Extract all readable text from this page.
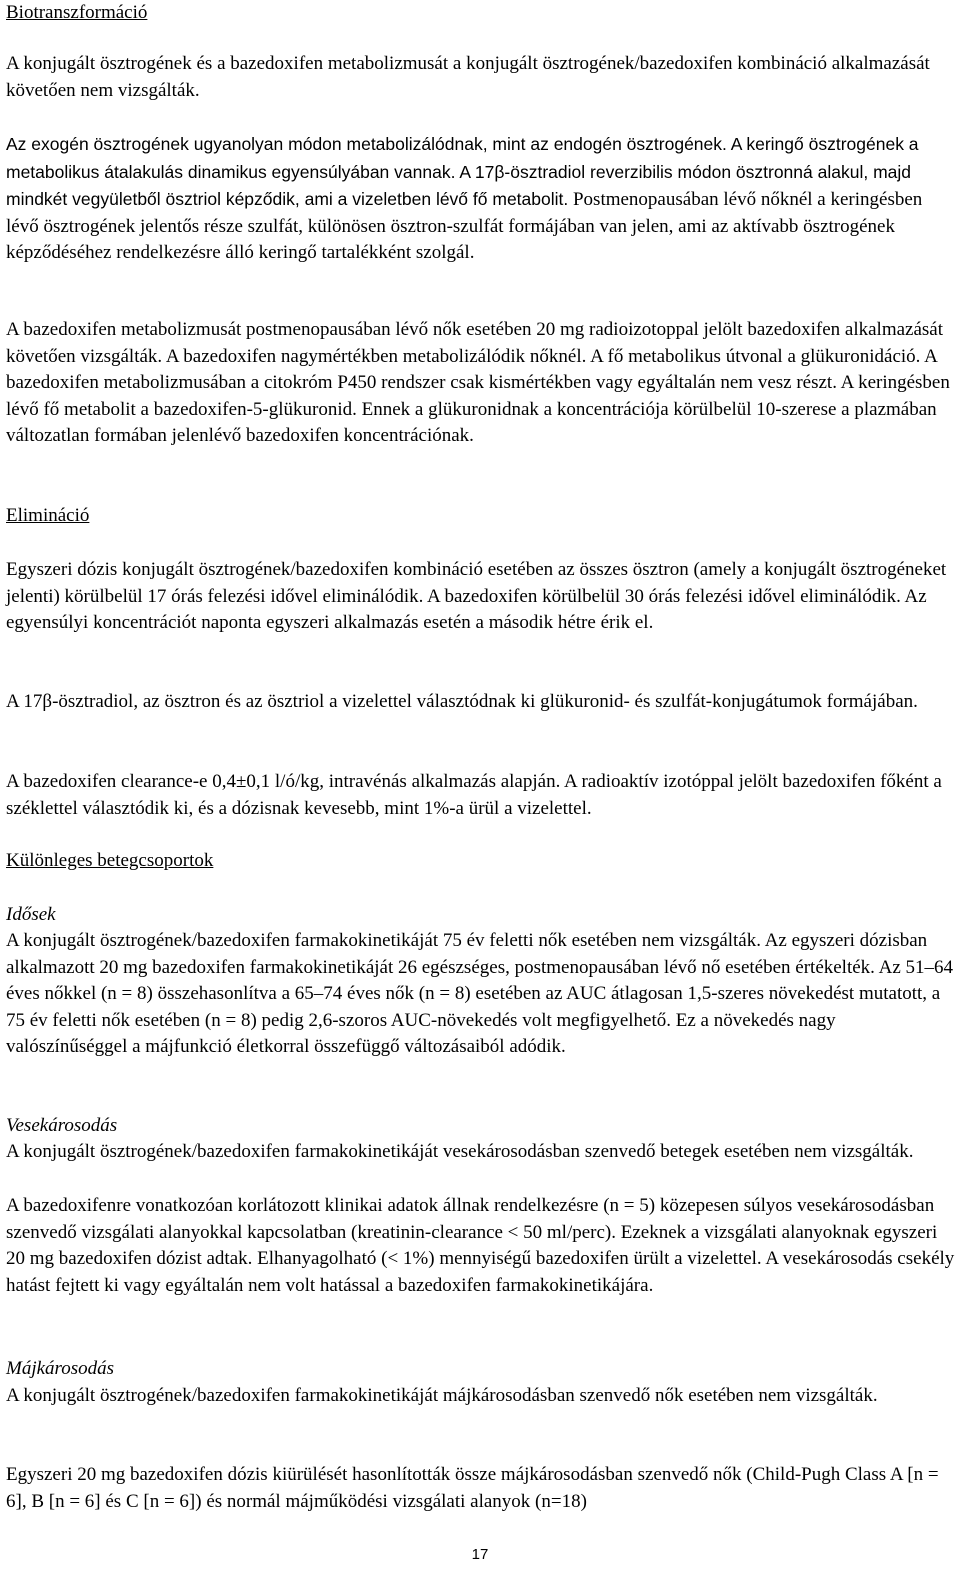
Biotranszformáció

A konjugált ösztrogének és a bazedoxifen metabolizmusát a konjugált ösztrogének/bazedoxifen kombináció alkalmazását követően nem vizsgálták.

Az exogén ösztrogének ugyanolyan módon metabolizálódnak, mint az endogén ösztrogének. A keringő ösztrogének a metabolikus átalakulás dinamikus egyensúlyában vannak. A 17β-ösztradiol reverzibilis módon ösztronná alakul, majd mindkét vegyületből ösztriol képződik, ami a vizeletben lévő fő metabolit. Postmenopausában lévő nőknél a keringésben lévő ösztrogének jelentős része szulfát, különösen ösztron-szulfát formájában van jelen, ami az aktívabb ösztrogének képződéséhez rendelkezésre álló keringő tartalékként szolgál.

A bazedoxifen metabolizmusát postmenopausában lévő nők esetében 20 mg radioizotoppal jelölt bazedoxifen alkalmazását követően vizsgálták. A bazedoxifen nagymértékben metabolizálódik nőknél. A fő metabolikus útvonal a glükuronidáció. A bazedoxifen metabolizmusában a citokróm P450 rendszer csak kismértékben vagy egyáltalán nem vesz részt. A keringésben lévő fő metabolit a bazedoxifen-5-glükuronid. Ennek a glükuronidnak a koncentrációja körülbelül 10-szerese a plazmában változatlan formában jelenlévő bazedoxifen koncentrációnak.

Elimináció

Egyszeri dózis konjugált ösztrogének/bazedoxifen kombináció esetében az összes ösztron (amely a konjugált ösztrogéneket jelenti) körülbelül 17 órás felezési idővel eliminálódik. A bazedoxifen körülbelül 30 órás felezési idővel eliminálódik. Az egyensúlyi koncentrációt naponta egyszeri alkalmazás esetén a második hétre érik el.

A 17β-ösztradiol, az ösztron és az ösztriol a vizelettel választódnak ki glükuronid- és szulfát-konjugátumok formájában.

A bazedoxifen clearance-e 0,4±0,1 l/ó/kg, intravénás alkalmazás alapján. A radioaktív izotóppal jelölt bazedoxifen főként a széklettel választódik ki, és a dózisnak kevesebb, mint 1%-a ürül a vizelettel.

Különleges betegcsoportok

Idősek

A konjugált ösztrogének/bazedoxifen farmakokinetikáját 75 év feletti nők esetében nem vizsgálták. Az egyszeri dózisban alkalmazott 20 mg bazedoxifen farmakokinetikáját 26 egészséges, postmenopausában lévő nő esetében értékelték. Az 51–64 éves nőkkel (n = 8) összehasonlítva a 65–74 éves nők (n = 8) esetében az AUC átlagosan 1,5-szeres növekedést mutatott, a 75 év feletti nők esetében (n = 8) pedig 2,6-szoros AUC-növekedés volt megfigyelhető. Ez a növekedés nagy valószínűséggel a májfunkció életkorral összefüggő változásaiból adódik.

Vesekárosodás

A konjugált ösztrogének/bazedoxifen farmakokinetikáját vesekárosodásban szenvedő betegek esetében nem vizsgálták.

A bazedoxifenre vonatkozóan korlátozott klinikai adatok állnak rendelkezésre (n = 5) közepesen súlyos vesekárosodásban szenvedő vizsgálati alanyokkal kapcsolatban (kreatinin-clearance < 50 ml/perc). Ezeknek a vizsgálati alanyoknak egyszeri 20 mg bazedoxifen dózist adtak. Elhanyagolható (< 1%) mennyiségű bazedoxifen ürült a vizelettel. A vesekárosodás csekély hatást fejtett ki vagy egyáltalán nem volt hatással a bazedoxifen farmakokinetikájára.

Májkárosodás

A konjugált ösztrogének/bazedoxifen farmakokinetikáját májkárosodásban szenvedő nők esetében nem vizsgálták.

Egyszeri 20 mg bazedoxifen dózis kiürülését hasonlították össze májkárosodásban szenvedő nők (Child-Pugh Class A [n = 6], B [n = 6] és C [n = 6]) és normál májműködési vizsgálati alanyok (n=18)

17
